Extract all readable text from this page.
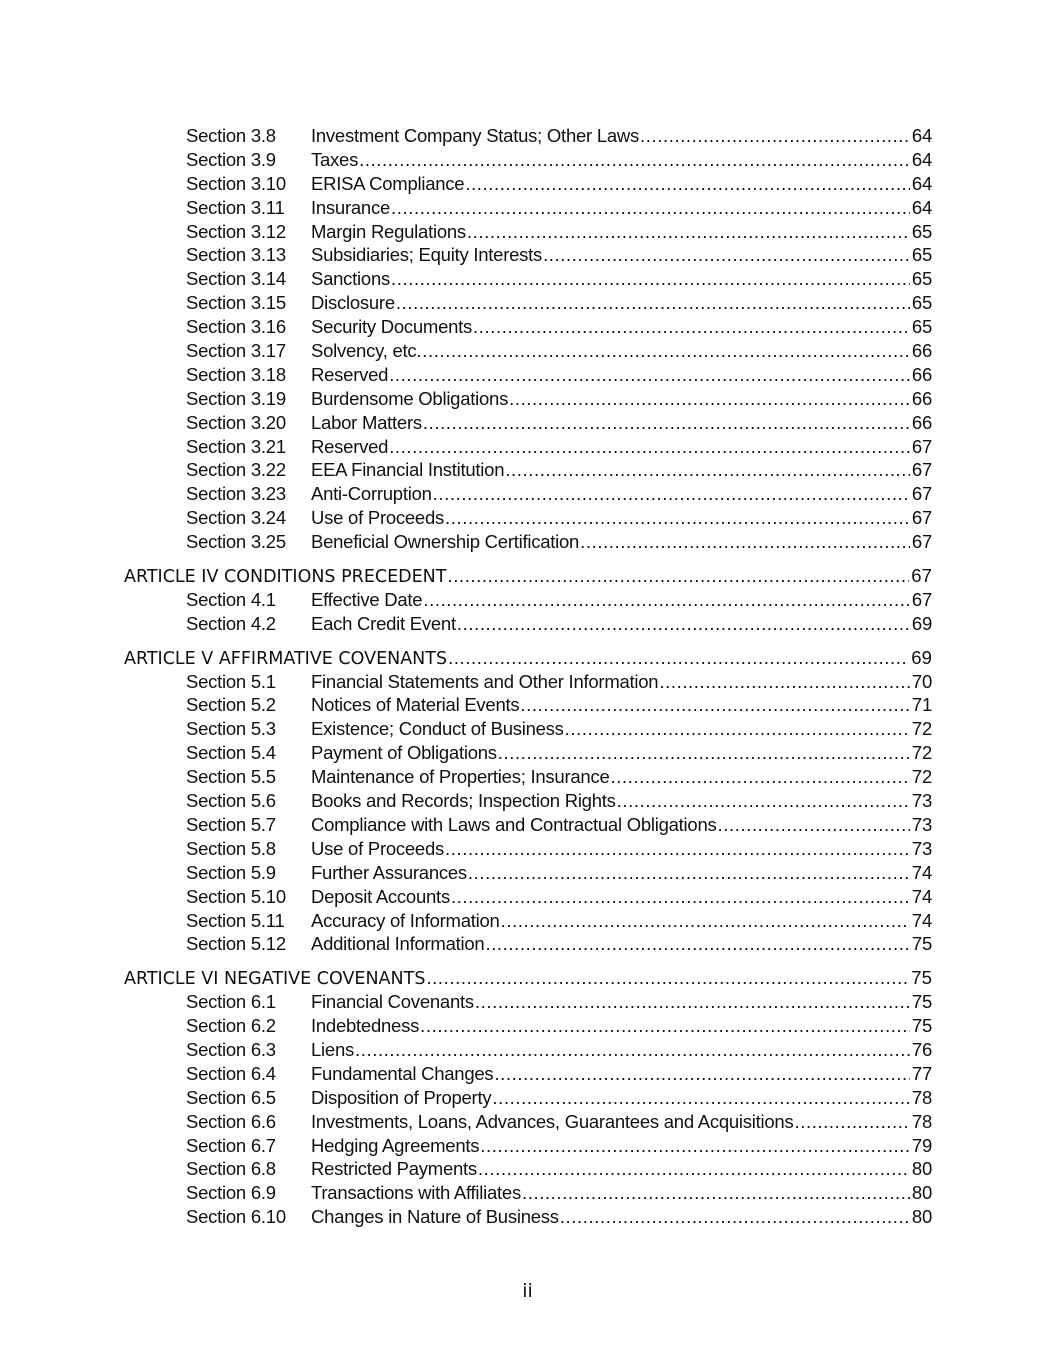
Section 3.8	Investment Company Status; Other Laws .....	64
Section 3.9	Taxes .....	64
Section 3.10	ERISA Compliance .....	64
Section 3.11	Insurance .....	64
Section 3.12	Margin Regulations .....	65
Section 3.13	Subsidiaries; Equity Interests .....	65
Section 3.14	Sanctions .....	65
Section 3.15	Disclosure .....	65
Section 3.16	Security Documents .....	65
Section 3.17	Solvency, etc. .....	66
Section 3.18	Reserved .....	66
Section 3.19	Burdensome Obligations .....	66
Section 3.20	Labor Matters .....	66
Section 3.21	Reserved .....	67
Section 3.22	EEA Financial Institution .....	67
Section 3.23	Anti-Corruption .....	67
Section 3.24	Use of Proceeds .....	67
Section 3.25	Beneficial Ownership Certification .....	67
ARTICLE IV CONDITIONS PRECEDENT .....	67
Section 4.1	Effective Date .....	67
Section 4.2	Each Credit Event .....	69
ARTICLE V AFFIRMATIVE COVENANTS .....	69
Section 5.1	Financial Statements and Other Information .....	70
Section 5.2	Notices of Material Events .....	71
Section 5.3	Existence; Conduct of Business .....	72
Section 5.4	Payment of Obligations .....	72
Section 5.5	Maintenance of Properties; Insurance .....	72
Section 5.6	Books and Records; Inspection Rights .....	73
Section 5.7	Compliance with Laws and Contractual Obligations .....	73
Section 5.8	Use of Proceeds .....	73
Section 5.9	Further Assurances .....	74
Section 5.10	Deposit Accounts .....	74
Section 5.11	Accuracy of Information .....	74
Section 5.12	Additional Information .....	75
ARTICLE VI NEGATIVE COVENANTS .....	75
Section 6.1	Financial Covenants .....	75
Section 6.2	Indebtedness .....	75
Section 6.3	Liens .....	76
Section 6.4	Fundamental Changes .....	77
Section 6.5	Disposition of Property .....	78
Section 6.6	Investments, Loans, Advances, Guarantees and Acquisitions .....	78
Section 6.7	Hedging Agreements .....	79
Section 6.8	Restricted Payments .....	80
Section 6.9	Transactions with Affiliates .....	80
Section 6.10	Changes in Nature of Business .....	80
ii
